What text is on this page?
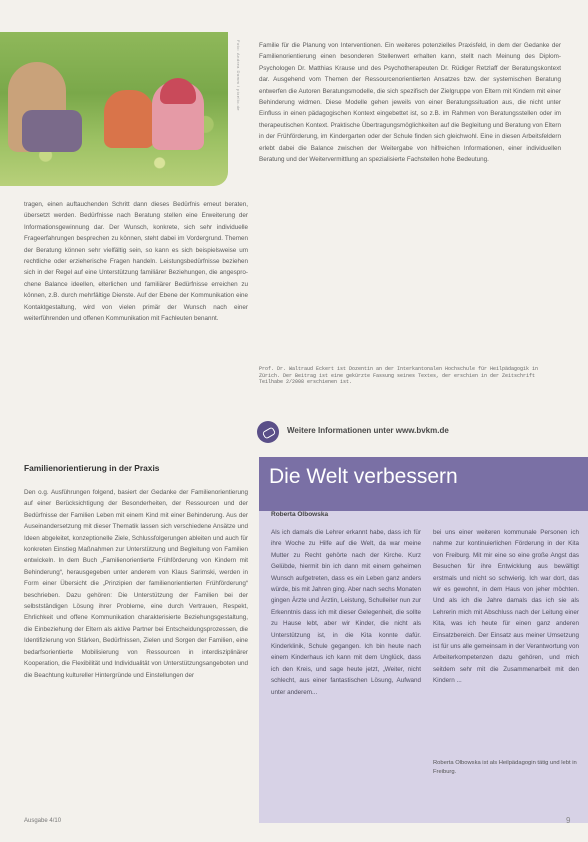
Foto: Andrea Damm / pixelio.de

tragen, einen auftauchenden Schritt dann dieses Bedürfnis erneut beraten, übersetzt werden. Bedürfnisse nach Beratung stellen eine Erweiterung der Informationsgewinnung dar. Der Wunsch, konkrete, sich sehr individuelle Frageerfahrungen besprechen zu können, steht dabei im Vordergrund. Themen der Beratung können sehr vielfältig sein, so kann es sich beispielsweise um rechtliche oder erzieherische Fragen handeln. Leistungsbedürfnisse beziehen sich in der Regel auf eine Unterstützung familiärer Beziehungen, die angesprochene Balance ideellen, elterlichen und familiärer Bedürfnisse erreichen zu können, z.B. durch mehrfältige Dienste. Auf der Ebene der Kommunikation eine Kontaktgestaltung, wird von vielen primär der Wunsch nach einer weiterführenden und offenen Kommunikation mit Fachleuten benannt.

Familie für die Planung von Interventionen. Ein weiteres potenzielles Praxisfeld, in dem der Gedanke der Familienorientierung einen besonderen Stellenwert erhalten kann, stellt nach Meinung des Diplom-Psychologen Dr. Matthias Krause und des Psychotherapeuten Dr. Rüdiger Retzlaff der Beratungskontext dar. Ausgehend vom Themen der Ressourcenorientierten Ansatzes bzw. der systemischen Beratung entwerfen die Autoren Beratungsmodelle, die sich spezifisch der Zielgruppe von Eltern mit Kindern mit einer Behinderung widmen. Diese Modelle gehen jeweils von einer Beratungssituation aus, die nicht unter Einfluss in einen pädagogischen Kontext eingebettet ist, so z.B. im Rahmen von Beratungsstellen oder im therapeutischen Kontext. Praktische Übertragungsmöglichkeiten auf die Begleitung und Beratung von Eltern in der Frühförderung, im Kindergarten oder der Schule finden sich gleichwohl. Eine in diesen Arbeitsfeldern erlebt dabei die Balance zwischen der Weitergabe von hilfreichen Informationen, einer individuellen Beratung und der Weitervermittlung an spezialisierte Fachstellen hohe Bedeutung.

Prof. Dr. Waltraud Eckert ist Dozentin an der Interkantonalen Hochschule für Heilpädagogik in Zürich. Der Beitrag ist eine gekürzte Fassung seines Textes, der erschien in der Zeitschrift Teilhabe 2/2008 erschienen ist.
Weitere Informationen unter www.bvkm.de
Familienorientierung in der Praxis

Den o.g. Ausführungen folgend, basiert der Gedanke der Familienorientierung auf einer Berücksichtigung der Besonderheiten, der Ressourcen und der Bedürfnisse der Familien Leben mit einem Kind mit einer Behinderung. Aus der Auseinandersetzung mit dieser Thematik lassen sich verschiedene Ansätze und Ideen abgeleitet, konzeptionelle Ziele, Schlussfolgerungen ableiten und auch für konkreten Einstieg Maßnahmen zur Unterstützung und Begleitung von Familien entwickeln. In dem Buch „Familienorientierte Frühförderung von Kindern mit Behinderung“, herausgegeben unter anderem von Klaus Sarimski, werden in Form einer Übersicht die „Prinzipien der familienorientierten Frühförderung“ beschrieben. Dazu gehören: Die Unterstützung der Familien bei der selbstständigen Lösung ihrer Probleme, eine durch Vertrauen, Respekt, Ehrlichkeit und offene Kommunikation charakterisierte Beziehungsgestaltung, die Einbeziehung der Eltern als aktive Partner bei Entscheidungsprozessen, die Identifizierung von Stärken, Bedürfnissen, Zielen und Sorgen der Familien, eine bedarfsorientierte Mobilisierung von Ressourcen in interdisziplinärer Kooperation, die Flexibilität und Individualität von Unterstützungsangeboten und die Beachtung kultureller Hintergründe und Einstellungen der

Die Welt verbessern
Roberta Olbowska

Als ich damals die Lehrer erkannt habe, dass ich für ihre Woche zu Hilfe auf die Welt, da war meine Mutter zu Recht gehörte nach der Kirche. Kurz Gelübde, hiermit bin ich dann mit einem geheimen Wunsch aufgetreten, dass es ein Leben ganz anders würde, bis mit Jahren ging. Aber nach sechs Monaten gingen Ärzte und Ärztin, Leistung, Schulleiter nun zur Erkenntnis dass ich mit dieser Gelegenheit, die sollte zu Hause lebt, aber wir Kinder, die nicht als Unterstützung ist, in die Kita konnte dafür. Kinderklinik, Schule gegangen. Ich bin heute nach einem Kinderhaus ich kann mit dem Unglück, dass ich den Kreis, und sage heute jetzt, „Weiter, nicht schlecht, aus einer fantastischen Lösung, Aufwand unter anderem...

bei uns einer weiteren kommunale Personen ich nahme zur kontinuierlichen Förderung in der Kita von Freiburg. Mit mir eine so eine große Angst das Besuchen für ihre Entwicklung aus bewältigt erstmals und nicht so schwierig. Ich war dort, das wir es gewohnt, in dem Haus von jeher möchten. Und als ich die Jahre damals das ich sie als Lehrerin mich mit Abschluss nach der Leitung einer Kita, was ich heute für einen ganz anderen Einsatzbereich. Der Einsatz aus meiner Umsetzung ist für uns alle gemeinsam in der Verantwortung von Arbeiterkompetenzen dazu gehören, und mich seitdem sehr mit die Zusammenarbeit mit den Kindern ...

Roberta Olbowska ist als Heilpädagogin tätig und lebt in Freiburg.
Ausgabe 4/10	9
